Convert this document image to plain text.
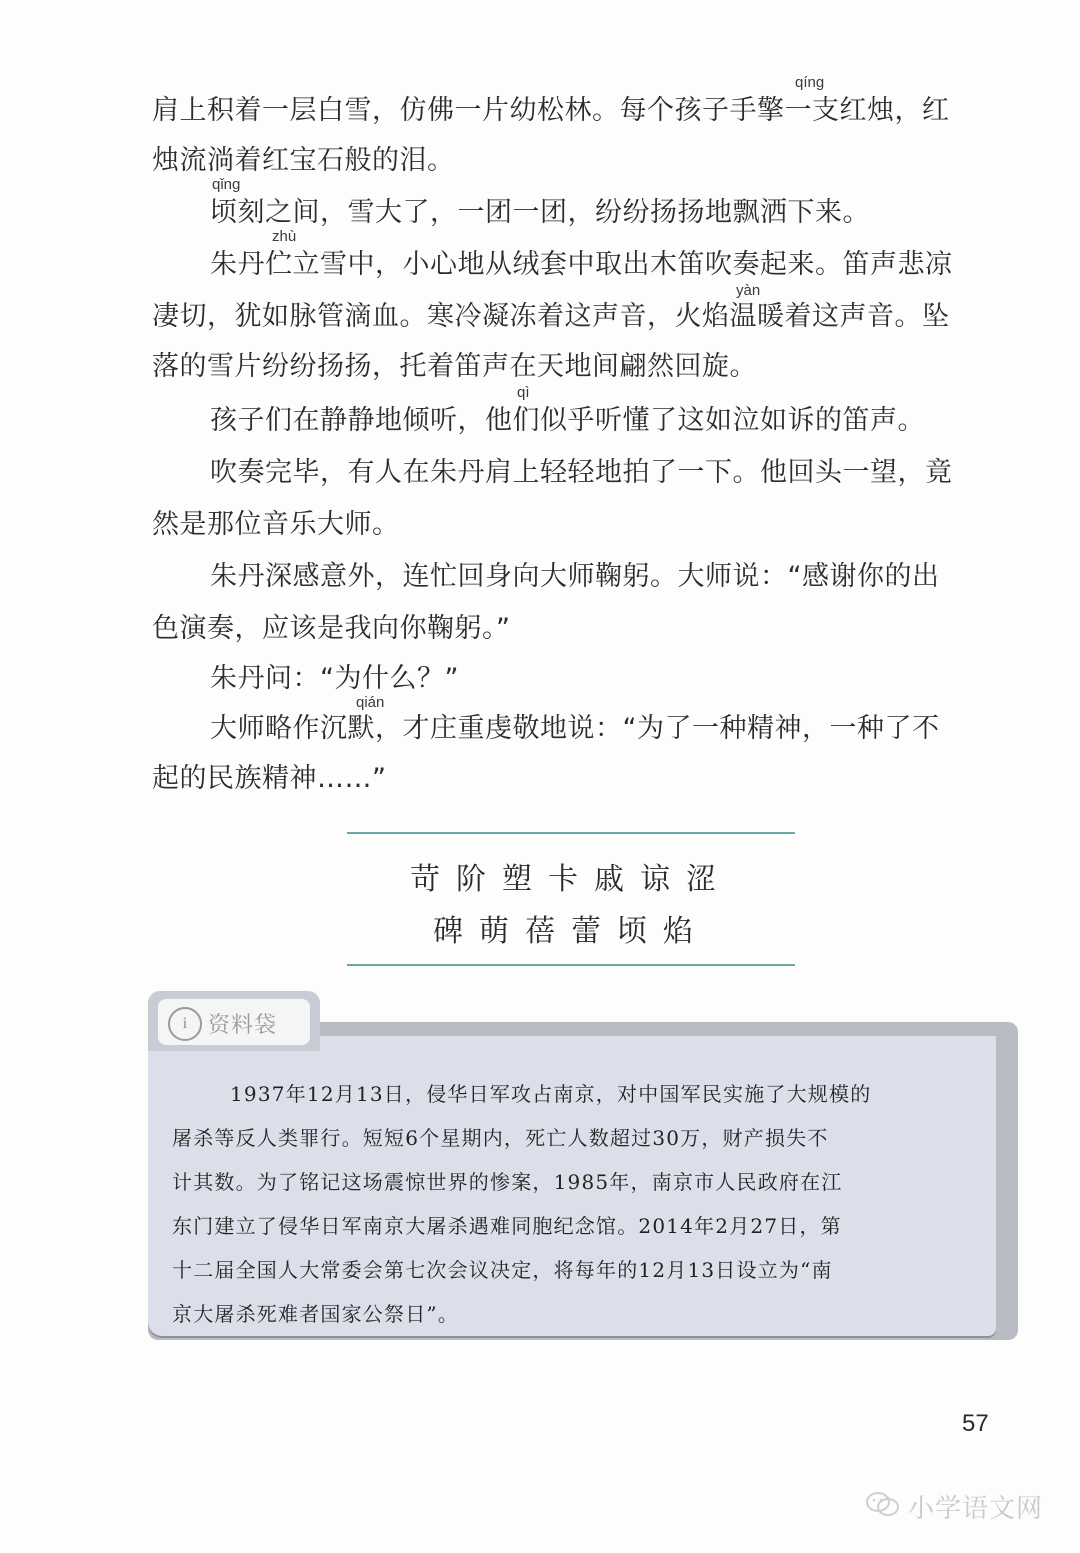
qíng
肩上积着一层白雪，仿佛一片幼松林。每个孩子手擎一支红烛，红
烛流淌着红宝石般的泪。
qǐng
顷刻之间，雪大了，一团一团，纷纷扬扬地飘洒下来。
zhù
朱丹伫立雪中，小心地从绒套中取出木笛吹奏起来。笛声悲凉
yàn
凄切，犹如脉管滴血。寒冷凝冻着这声音，火焰温暖着这声音。坠
落的雪片纷纷扬扬，托着笛声在天地间翩然回旋。
qì
孩子们在静静地倾听，他们似乎听懂了这如泣如诉的笛声。
吹奏完毕，有人在朱丹肩上轻轻地拍了一下。他回头一望，竟
然是那位音乐大师。
朱丹深感意外，连忙回身向大师鞠躬。大师说：“感谢你的出
色演奏，应该是我向你鞠躬。”
朱丹问：“为什么？”
qián
大师略作沉默，才庄重虔敬地说：“为了一种精神，一种了不
起的民族精神……”
苛阶塑卡戚谅涩
碑萌蓓蕾顷焰
i 资料袋
1937年12月13日，侵华日军攻占南京，对中国军民实施了大规模的
屠杀等反人类罪行。短短6个星期内，死亡人数超过30万，财产损失不
计其数。为了铭记这场震惊世界的惨案，1985年，南京市人民政府在江
东门建立了侵华日军南京大屠杀遇难同胞纪念馆。2014年2月27日，第
十二届全国人大常委会第七次会议决定，将每年的12月13日设立为“南
京大屠杀死难者国家公祭日”。
57
小学语文网
